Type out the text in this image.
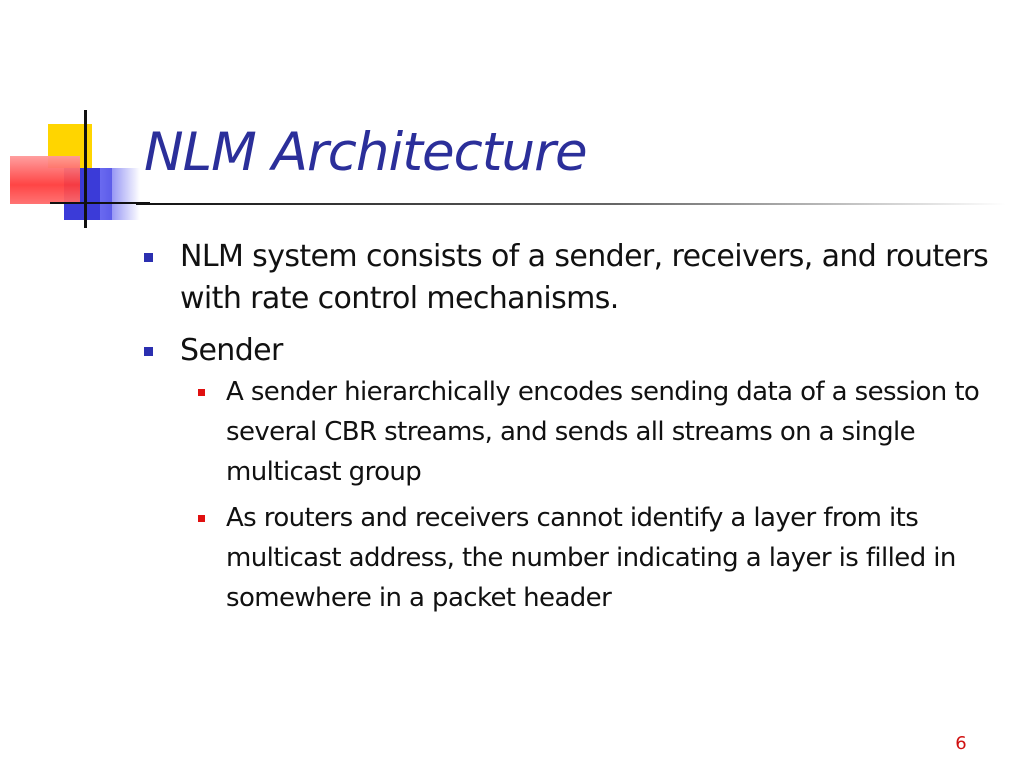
NLM Architecture
NLM system consists of a sender, receivers, and routers with rate control mechanisms.
Sender
A sender hierarchically encodes sending data of a session to several CBR streams, and sends all streams on a single multicast group
As routers and receivers cannot identify a layer from its multicast address, the number indicating a layer is filled in somewhere in a packet header
6
